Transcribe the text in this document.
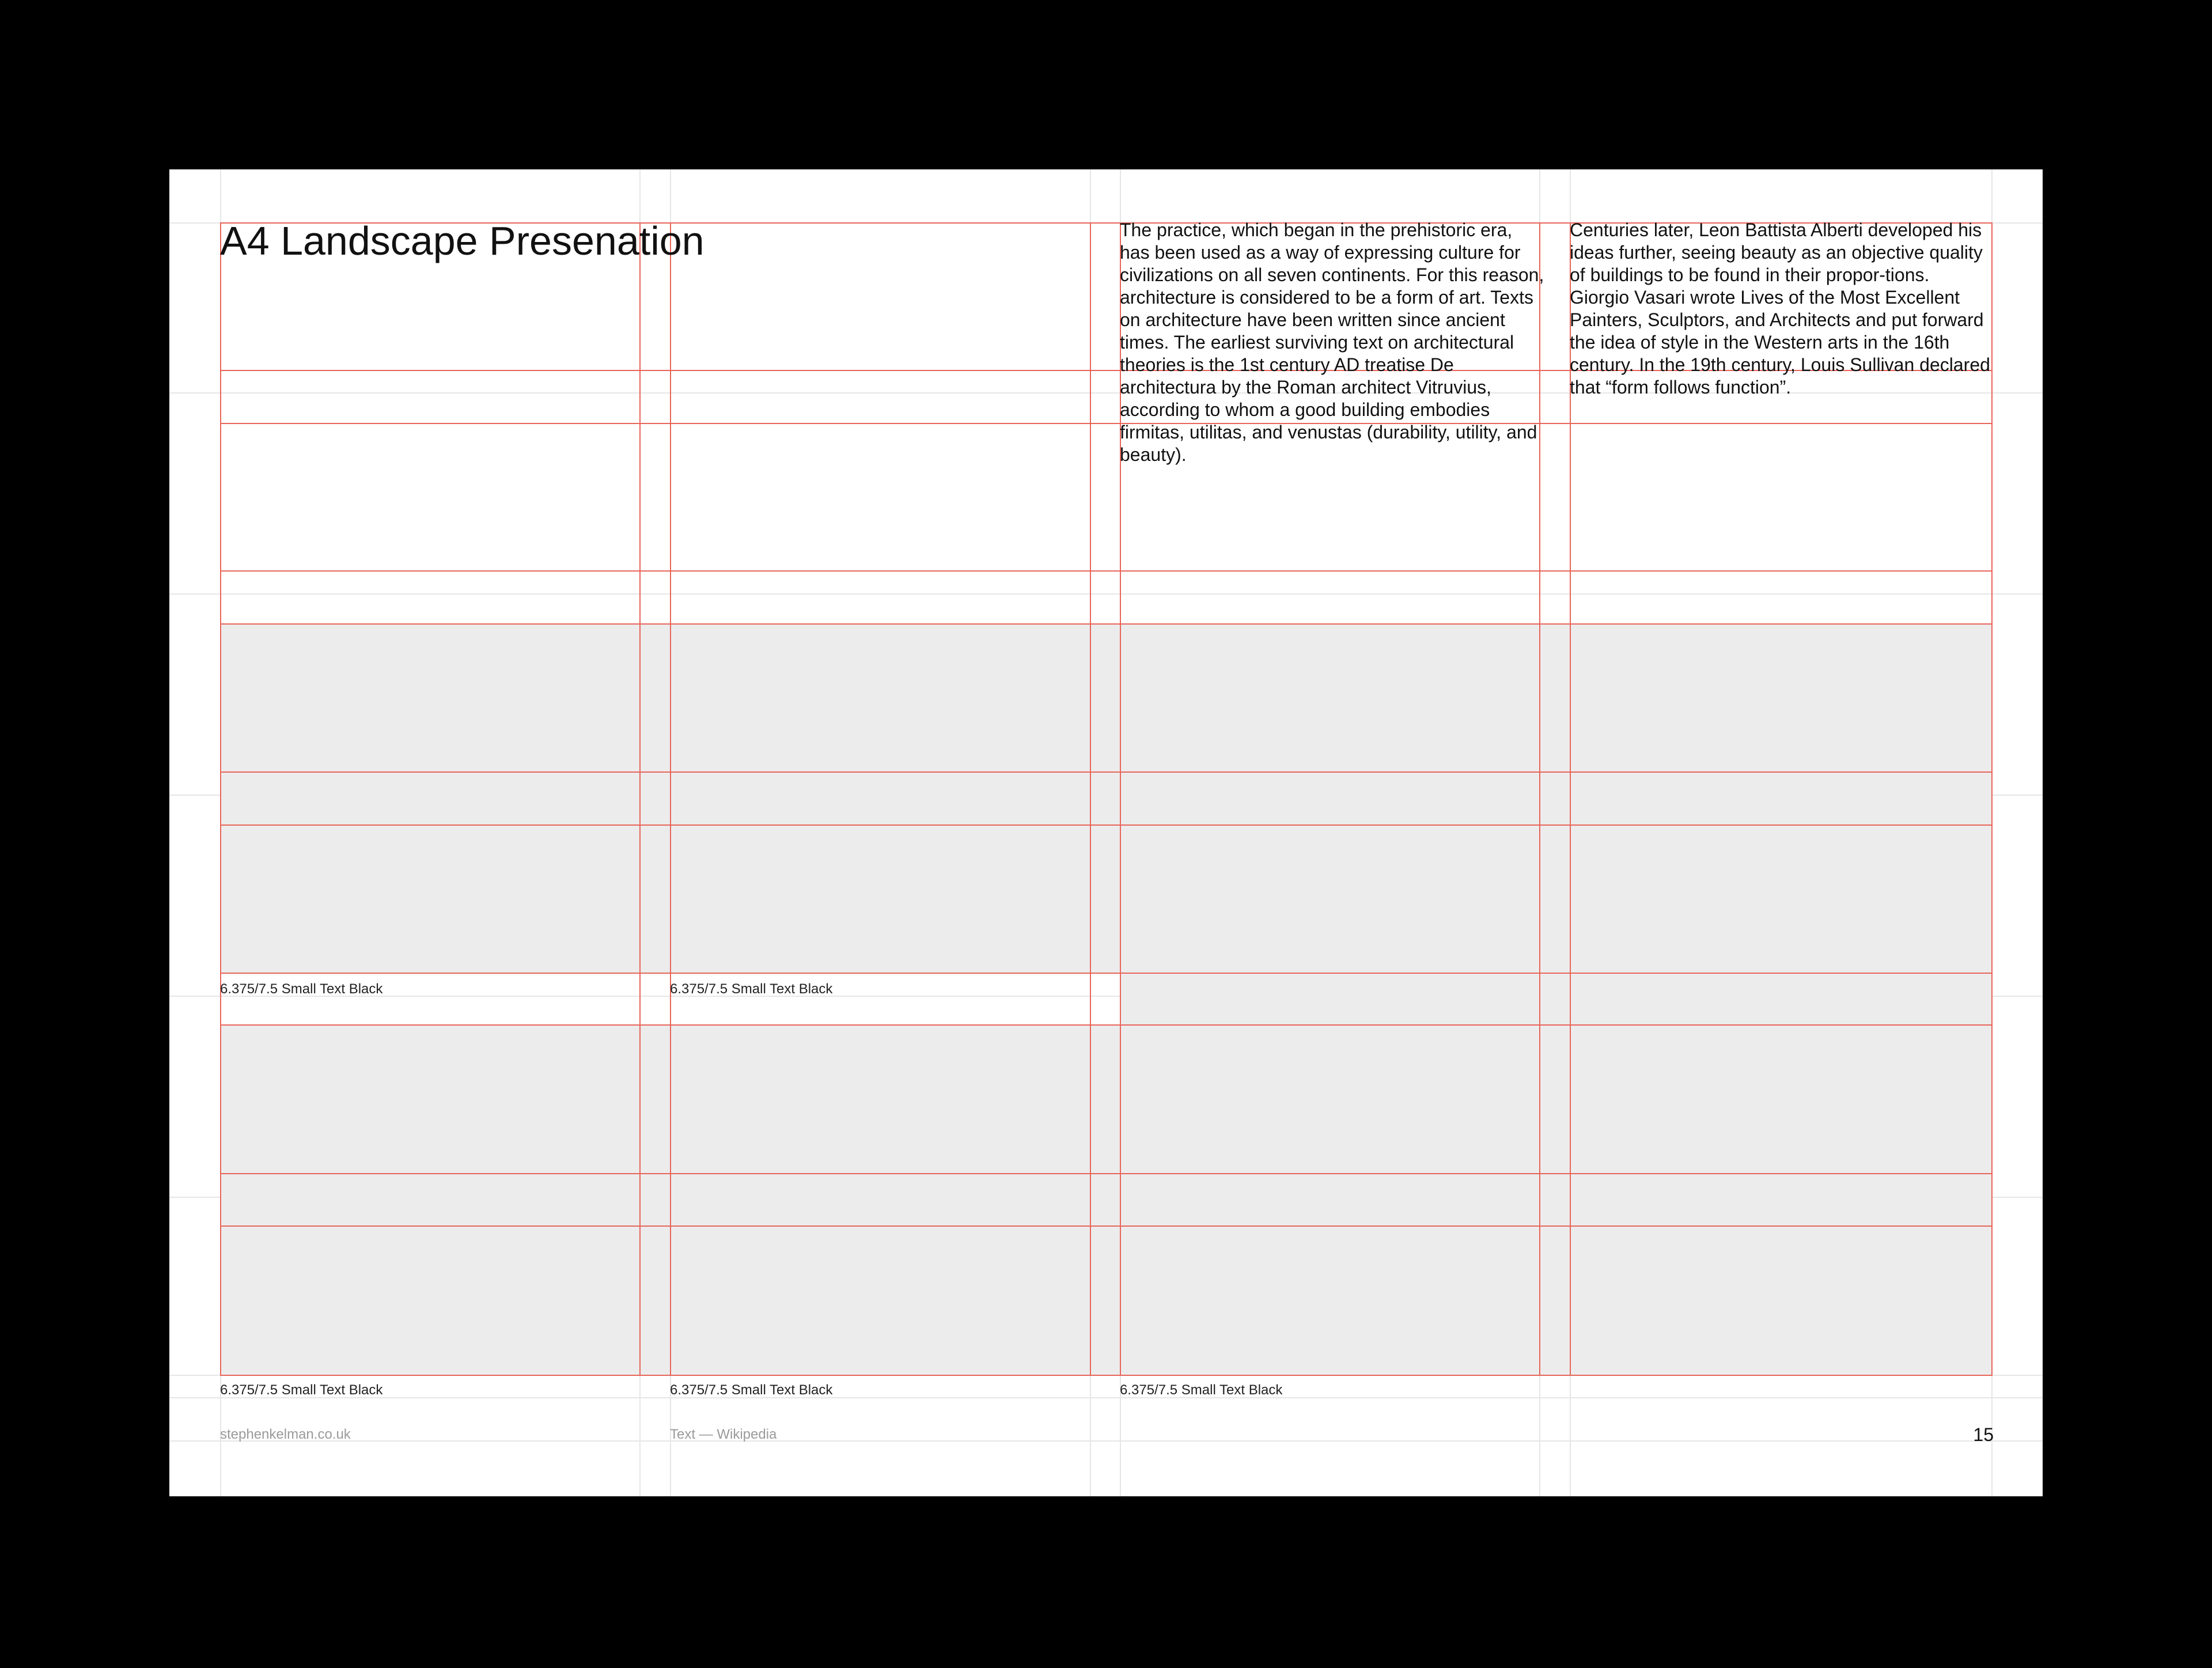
A4 Landscape Presenation	The practice, which began in the prehistoric era, has been used as a way of expressing culture for civilizations on all seven continents. For this reason, architecture is considered to be a form of art. Texts on architecture have been written since ancient times. The earliest surviving text on architectural theories is the 1st century AD treatise De architectura by the Roman architect Vitruvius, according to whom a good building embodies firmitas, utilitas, and venustas (durability, utility, and beauty).

Centuries later, Leon Battista Alberti developed his ideas further, seeing beauty as an objective quality of buildings to be found in their propor-tions. Giorgio Vasari wrote Lives of the Most Excellent Painters, Sculptors, and Architects and put forward the idea of style in the Western arts in the 16th century. In the 19th century, Louis Sullivan declared that “form follows function”.

6.375/7.5 Small Text Black	6.375/7.5 Small Text Black
6.375/7.5 Small Text Black	6.375/7.5 Small Text Black	6.375/7.5 Small Text Black
stephenkelman.co.uk	Text — Wikipedia	15
